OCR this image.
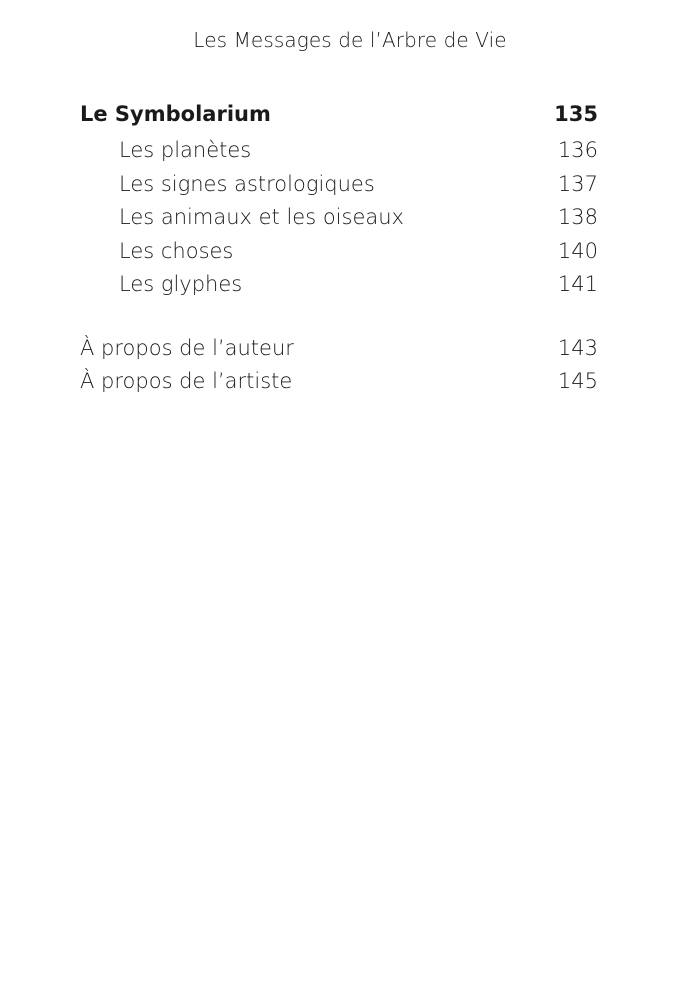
Les Messages de l’Arbre de Vie
Le Symbolarium	135
Les planètes	136
Les signes astrologiques	137
Les animaux et les oiseaux	138
Les choses	140
Les glyphes	141
À propos de l’auteur	143
À propos de l’artiste	145
